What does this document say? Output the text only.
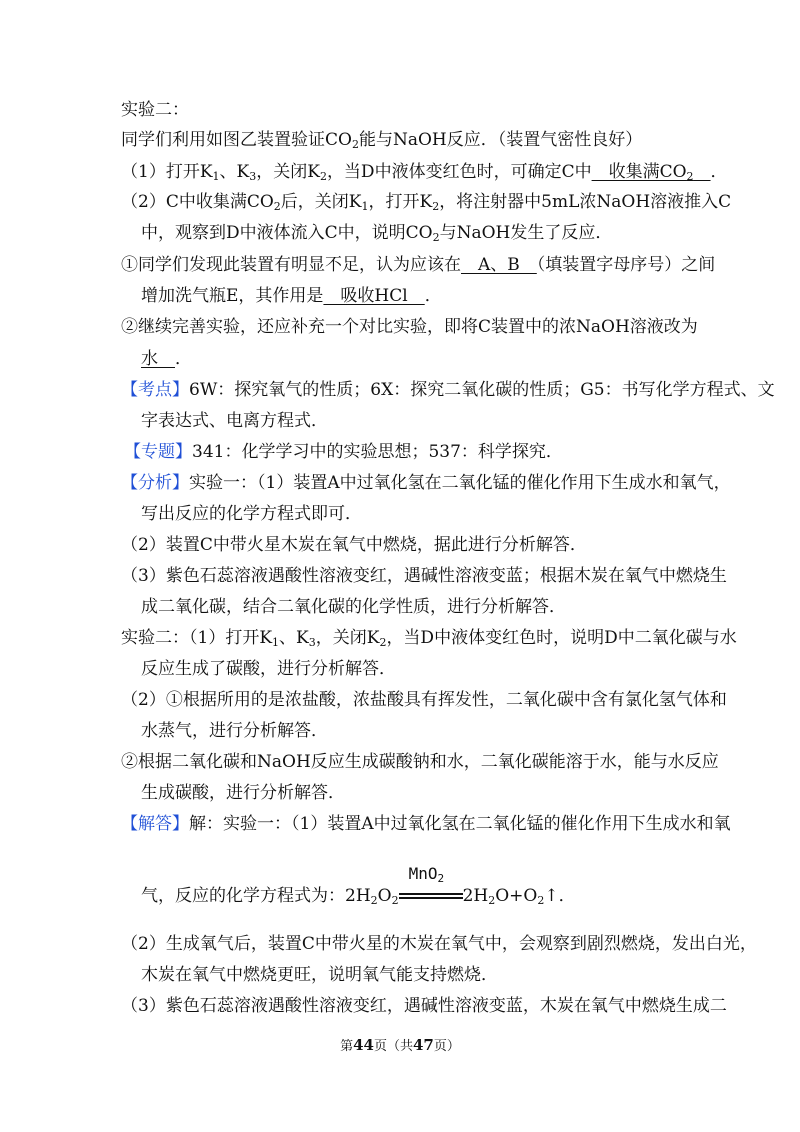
实验二：
同学们利用如图乙装置验证$CO_2$能与NaOH反应．（装置气密性良好）
（1）打开$K_1$、$K_3$，关闭$K_2$，当D中液体变红色时，可确定C中　收集满$CO_2$　 ．
（2）C中收集满$CO_2$后，关闭$K_1$，打开$K_2$，将注射器中5mL浓NaOH溶液推入C
中，观察到D中液体流入C中，说明$CO_2$与NaOH发生了反应．
①同学们发现此装置有明显不足，认为应该在　A、B　（填装置字母序号）之间
增加洗气瓶E，其作用是　吸收HCl　．
②继续完善实验，还应补充一个对比实验，即将C装置中的浓NaOH溶液改为
水　．
【考点】6W：探究氧气的性质；6X：探究二氧化碳的性质；G5：书写化学方程式、文
字表达式、电离方程式．
【专题】341：化学学习中的实验思想；537：科学探究．
【分析】实验一：（1）装置A中过氧化氢在二氧化锰的催化作用下生成水和氧气，
写出反应的化学方程式即可．
（2）装置C中带火星木炭在氧气中燃烧，据此进行分析解答．
（3）紫色石蕊溶液遇酸性溶液变红，遇碱性溶液变蓝；根据木炭在氧气中燃烧生
成二氧化碳，结合二氧化碳的化学性质，进行分析解答．
实验二：（1）打开$K_1$、$K_3$，关闭$K_2$，当D中液体变红色时，说明D中二氧化碳与水
反应生成了碳酸，进行分析解答．
（2）①根据所用的是浓盐酸，浓盐酸具有挥发性，二氧化碳中含有氯化氢气体和
水蒸气，进行分析解答．
②根据二氧化碳和NaOH反应生成碳酸钠和水，二氧化碳能溶于水，能与水反应
生成碳酸，进行分析解答．
【解答】解：实验一：（1）装置A中过氧化氢在二氧化锰的催化作用下生成水和氧
气，反应的化学方程式为：$2H_2O_2$
MnO$_2$
$2H_2O+O_2↑$．
（2）生成氧气后，装置C中带火星的木炭在氧气中，会观察到剧烈燃烧，发出白光，
木炭在氧气中燃烧更旺，说明氧气能支持燃烧．
（3）紫色石蕊溶液遇酸性溶液变红，遇碱性溶液变蓝，木炭在氧气中燃烧生成二
第44页（共47页）
